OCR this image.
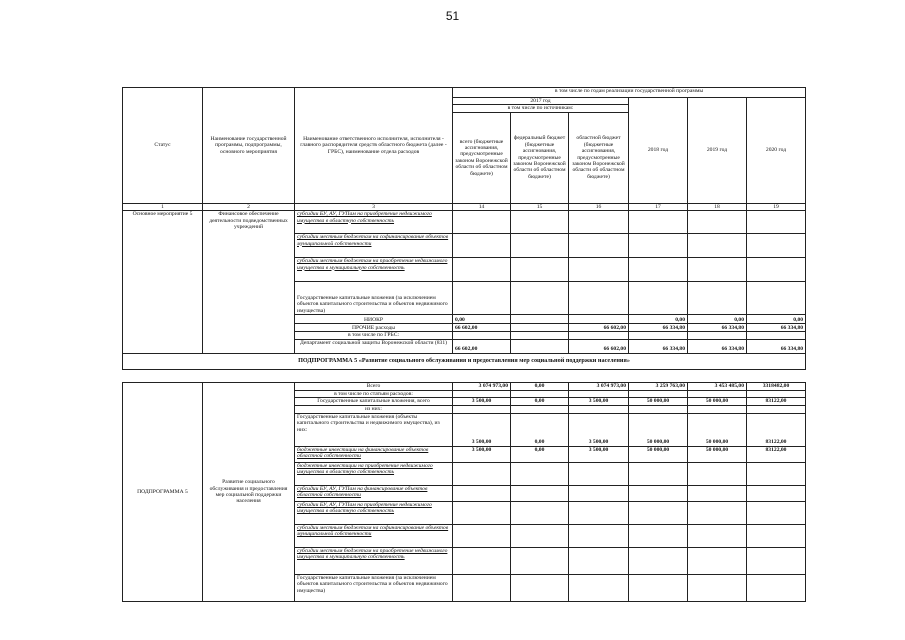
51
Статус	Наименование государственной программы, подпрограммы, основного мероприятия	Наименование ответственного исполнителя, исполнителя - главного распорядителя средств областного бюджета (далее - ГРБС), наименование отдела расходов	в том числе по годам реализации государственной программы					
			2017 год			2018 год	2019 год	2020 год
			в том числе по источникам:					
			всего (бюджетные ассигнования, предусмотренные законом Воронежской области об областном бюджете)	федеральный бюджет (бюджетные ассигнования, предусмотренные законом Воронежской области об областном бюджете)	областной бюджет (бюджетные ассигнования, предусмотренные законом Воронежской области об областном бюджете)			
1	2	3	14	15	16	17	18	19
Основное мероприятие 5	Финансовое обеспечение деятельности подведомственных учреждений	субсидии БУ, АУ, ГУПам на приобретение недвижимого имущества в областную собственность						
		субсидии местным бюджетам на софинансирование объектов муниципальной собственности						
		субсидии местным бюджетам на приобретение недвижимого имущества в муниципальную собственность						
		Государственные капитальные вложения (за исключением объектов капитального строительства и объектов недвижимого имущества)						
		НИОКР	0,00			0,00	0,00	0,00
		ПРОЧИЕ расходы	66 602,00		66 602,00	66 334,80	66 334,80	66 334,80
		в том числе по ГРБС:						
		Департамент социальной защиты Воронежской области (831)	66 602,00		66 602,00	66 334,80	66 334,80	66 334,80
ПОДПРОГРАММА 5 «Развитие социального обслуживания и предоставления мер социальной поддержки населения»								
ПОДПРОГРАММА 5	Развитие социального обслуживания и предоставления мер социальной поддержки населения	Всего	3 074 973,00	0,00	3 074 973,00	3 259 763,00	3 453 485,00	3318482,00
		в том числе по статьям расходов:						
		Государственные капитальные вложения, всего	3 500,00	0,00	3 500,00	50 000,00	50 000,00	83122,00
		из них:						
		Государственные капитальные вложения (объекты капитального строительства и недвижимого имущества), из них:	3 500,00	0,00	3 500,00	50 000,00	50 000,00	83122,00
		бюджетные инвестиции на финансирование объектов областной собственности	3 500,00	0,00	3 500,00	50 000,00	50 000,00	83122,00
		бюджетные инвестиции на приобретение недвижимого имущества в областную собственность						
		субсидии БУ, АУ, ГУПам на финансирование объектов областной собственности						
		субсидии БУ, АУ, ГУПам на приобретение недвижимого имущества в областную собственность						
		субсидии местным бюджетам на софинансирование объектов муниципальной собственности						
		субсидии местным бюджетам на приобретение недвижимого имущества в муниципальную собственность						
		Государственные капитальные вложения (за исключением объектов капитального строительства и объектов недвижимого имущества)						
